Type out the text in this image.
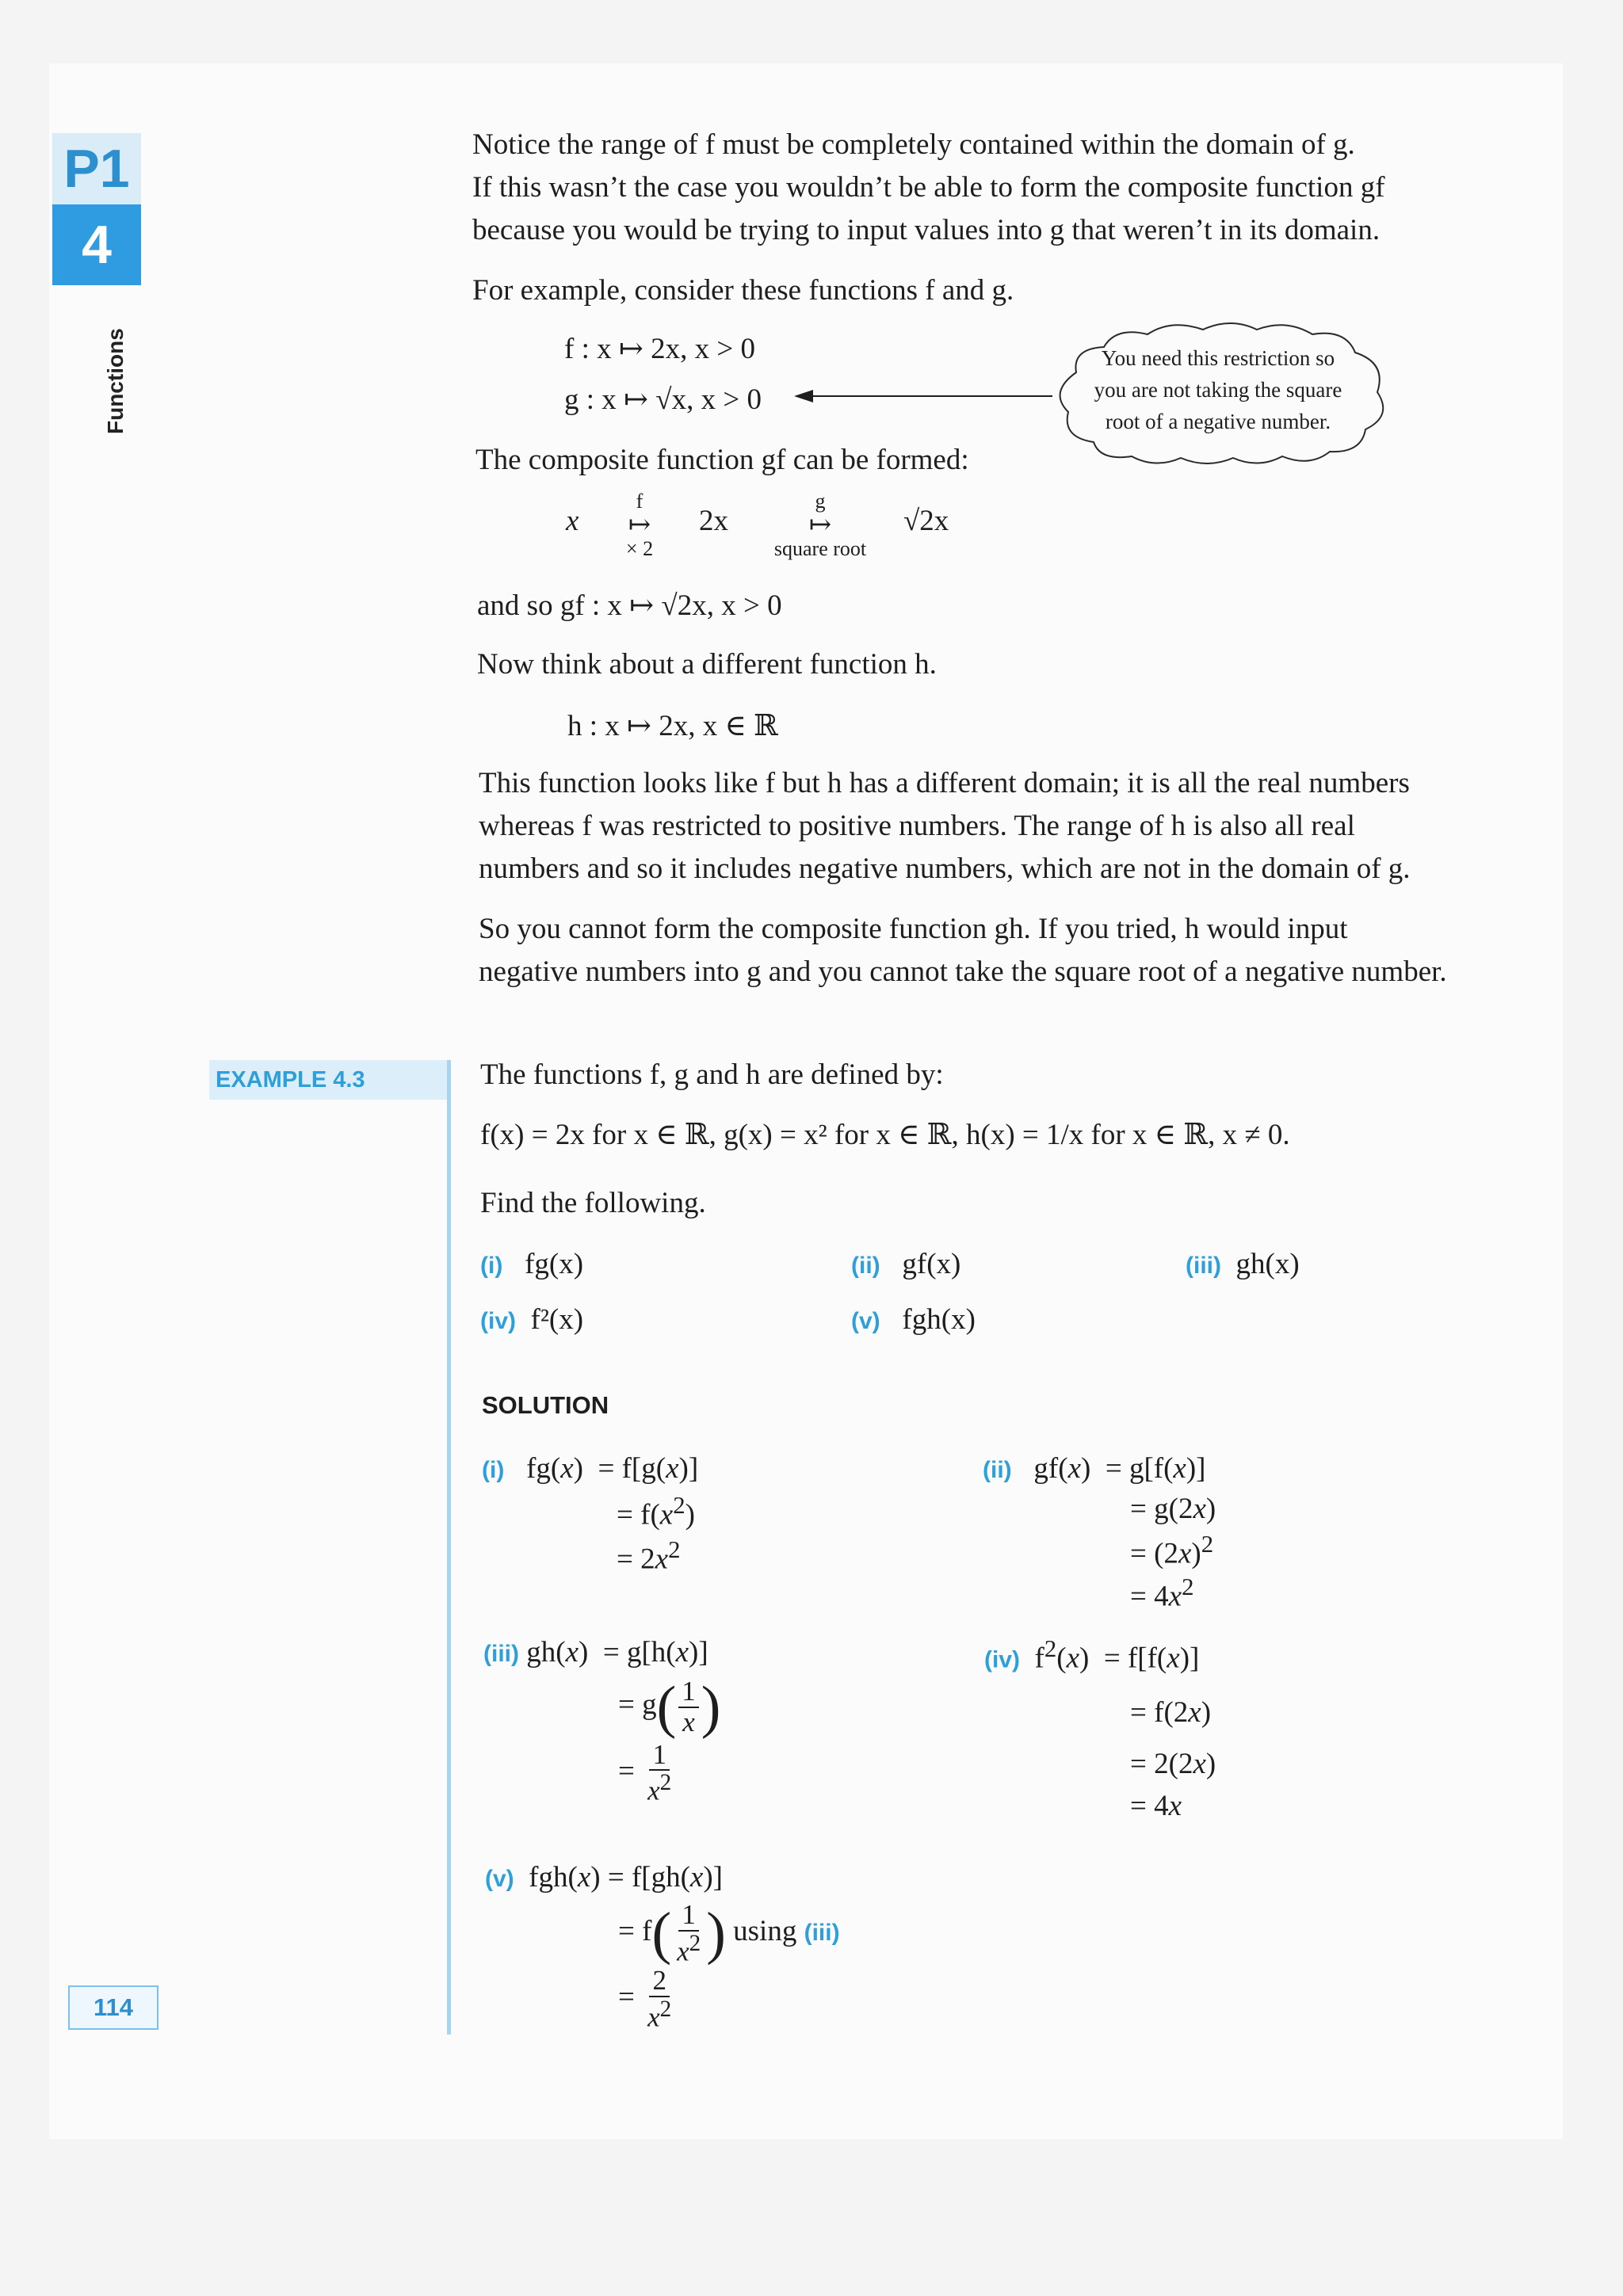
P1
4
Functions
114
Notice the range of f must be completely contained within the domain of g.
If this wasn’t the case you wouldn’t be able to form the composite function gf
because you would be trying to input values into g that weren’t in its domain.
For example, consider these functions f and g.
f : x ↦ 2x, x > 0
g : x ↦ √x, x > 0
You need this restriction so
you are not taking the square
root of a negative number.
The composite function gf can be formed:
x
f
↦
× 2
2x
g
↦
square root
√2x
and so gf : x ↦ √2x, x > 0
Now think about a different function h.
h : x ↦ 2x, x ∈ ℝ
This function looks like f but h has a different domain; it is all the real numbers
whereas f was restricted to positive numbers. The range of h is also all real
numbers and so it includes negative numbers, which are not in the domain of g.
So you cannot form the composite function gh. If you tried, h would input
negative numbers into g and you cannot take the square root of a negative number.
EXAMPLE 4.3	The functions f, g and h are defined by:
f(x) = 2x for x ∈ ℝ, g(x) = x² for x ∈ ℝ, h(x) = 1/x for x ∈ ℝ, x ≠ 0.
Find the following.
(i) fg(x)	(ii) gf(x)	(iii) gh(x)
(iv) f²(x)	(v) fgh(x)
SOLUTION
(i)   fg(x)  = f[g(x)]
= $f(x^2)$
= $2x^2$
(ii)   gf(x)  = g[f(x)]
= g(2x)
= $(2x)^2$
= $4x^2$
(iii) gh(x)  = g[h(x)]
= $g( \frac{1}{x}$ )
= $\frac{1}{x^2}$
(iv)  $f^2(x) = f[f(x)]$
= f(2x)
= 2(2x)
= 4x
(v)  fgh(x) = f[gh(x)]
= $f( \frac{1}{x^2}$ ) using (iii)
= $\frac{2}{x^2}$
